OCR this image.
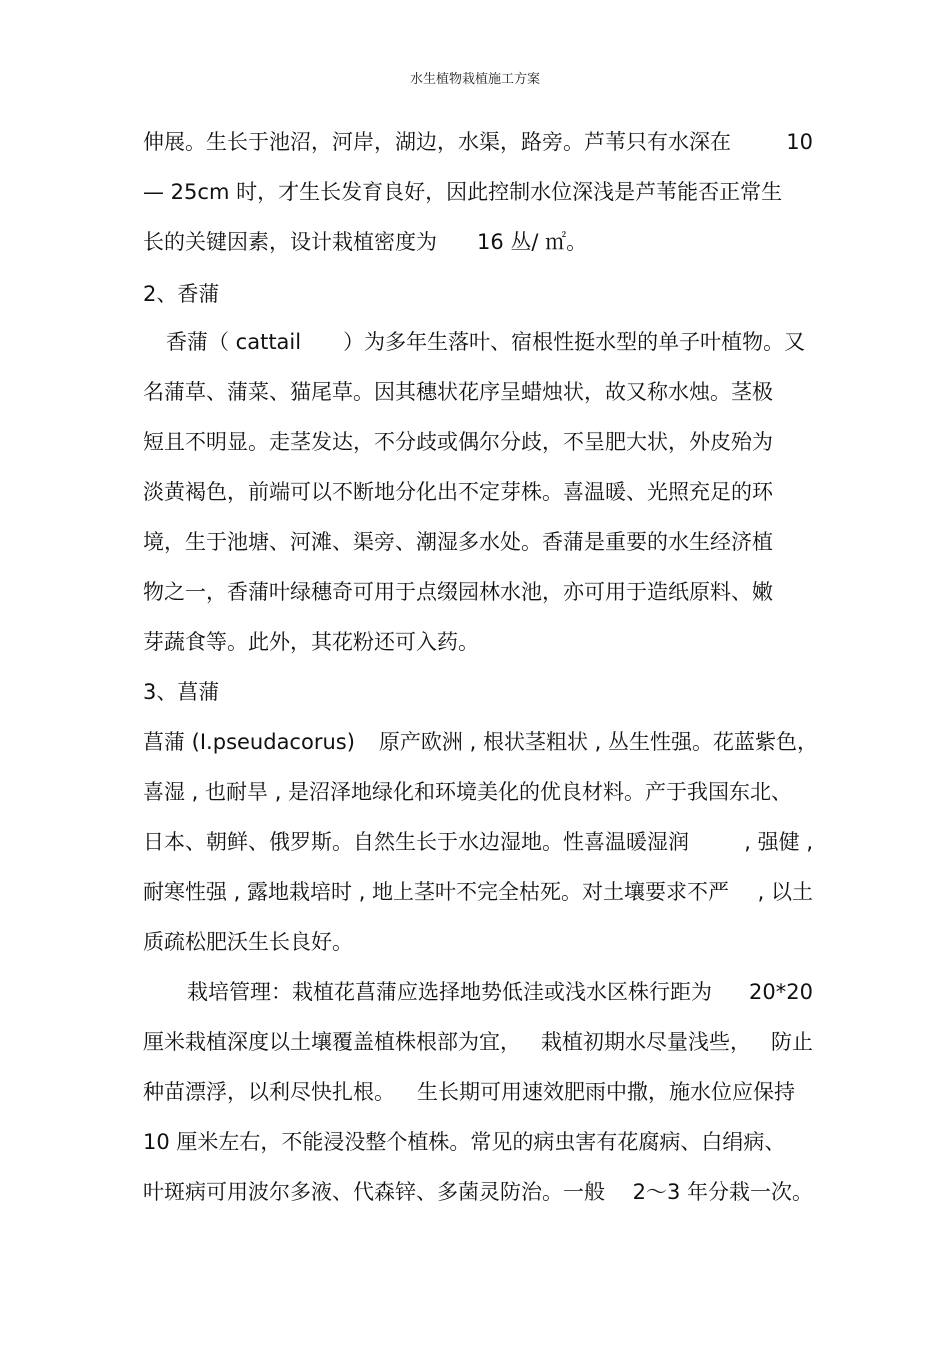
水生植物栽植施工方案
伸展。生长于池沼，河岸，湖边，水渠，路旁。芦苇只有水深在	10
— 25cm 时，才生长发育良好，因此控制水位深浅是芦苇能否正常生
长的关键因素，设计栽植密度为 16 丛/ ㎡。
2、香蒲
香蒲（ cattail ）为多年生落叶、宿根性挺水型的单子叶植物。又
名蒲草、蒲菜、猫尾草。因其穗状花序呈蜡烛状，故又称水烛。茎极
短且不明显。走茎发达，不分歧或偶尔分歧，不呈肥大状，外皮殆为
淡黄褐色，前端可以不断地分化出不定芽株。喜温暖、光照充足的环
境，生于池塘、河滩、渠旁、潮湿多水处。香蒲是重要的水生经济植
物之一，香蒲叶绿穗奇可用于点缀园林水池，亦可用于造纸原料、嫩
芽蔬食等。此外，其花粉还可入药。
3、菖蒲
菖蒲 (I.pseudacorus) 原产欧洲 , 根状茎粗状 , 丛生性强。花蓝紫色，
喜湿 , 也耐旱 , 是沼泽地绿化和环境美化的优良材料。产于我国东北、
日本、朝鲜、俄罗斯。自然生长于水边湿地。性喜温暖湿润	, 强健 ,
耐寒性强 , 露地栽培时 , 地上茎叶不完全枯死。对土壤要求不严 , 以土
质疏松肥沃生长良好。
栽培管理：栽植花菖蒲应选择地势低洼或浅水区株行距为 20*20
厘米栽植深度以土壤覆盖植株根部为宜， 栽植初期水尽量浅些， 防止
种苗漂浮，以利尽快扎根。 生长期可用速效肥雨中撒，施水位应保持
10 厘米左右，不能浸没整个植株。常见的病虫害有花腐病、白绢病、
叶斑病可用波尔多液、代森锌、多菌灵防治。一般 2～3 年分栽一次。
